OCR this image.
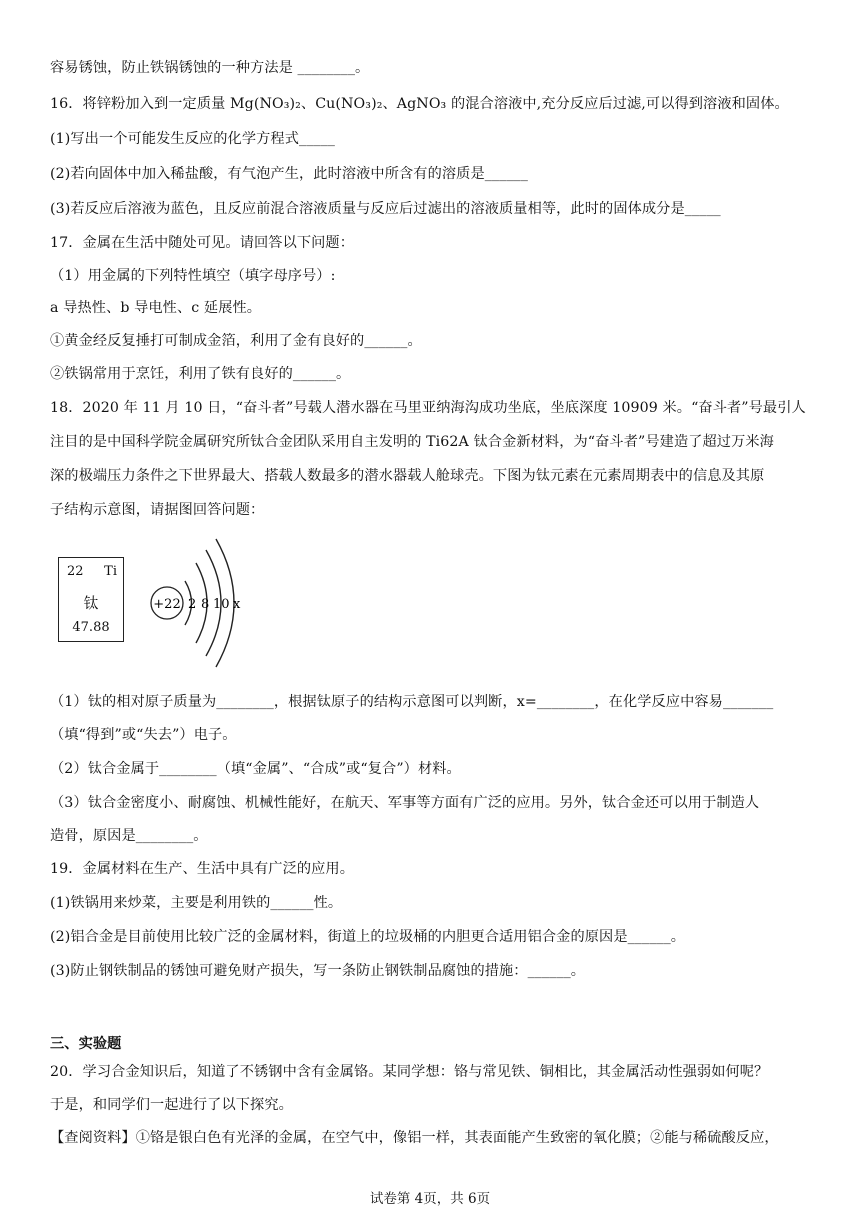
容易锈蚀，防止铁锅锈蚀的一种方法是 ________。
16．将锌粉加入到一定质量 Mg(NO₃)₂、Cu(NO₃)₂、AgNO₃ 的混合溶液中,充分反应后过滤,可以得到溶液和固体。
(1)写出一个可能发生反应的化学方程式_____
(2)若向固体中加入稀盐酸，有气泡产生，此时溶液中所含有的溶质是______
(3)若反应后溶液为蓝色，且反应前混合溶液质量与反应后过滤出的溶液质量相等，此时的固体成分是_____
17．金属在生活中随处可见。请回答以下问题：
（1）用金属的下列特性填空（填字母序号）:
a 导热性、b 导电性、c 延展性。
①黄金经反复捶打可制成金箔，利用了金有良好的______。
②铁锅常用于烹饪，利用了铁有良好的______。
18．2020 年 11 月 10 日，“奋斗者”号载人潜水器在马里亚纳海沟成功坐底，坐底深度 10909 米。“奋斗者”号最引人
注目的是中国科学院金属研究所钛合金团队采用自主发明的 Ti62A 钛合金新材料，为“奋斗者”号建造了超过万米海
深的极端压力条件之下世界最大、搭载人数最多的潜水器载人舱球壳。下图为钛元素在元素周期表中的信息及其原
子结构示意图，请据图回答问题：
22 Ti
钛
47.88
+22 2 8 10 x
（1）钛的相对原子质量为________，根据钛原子的结构示意图可以判断，x=________，在化学反应中容易_______
（填“得到”或“失去”）电子。
（2）钛合金属于________（填“金属”、“合成”或“复合”）材料。
（3）钛合金密度小、耐腐蚀、机械性能好，在航天、军事等方面有广泛的应用。另外，钛合金还可以用于制造人
造骨，原因是________。
19．金属材料在生产、生活中具有广泛的应用。
(1)铁锅用来炒菜，主要是利用铁的______性。
(2)铝合金是目前使用比较广泛的金属材料，街道上的垃圾桶的内胆更合适用铝合金的原因是______。
(3)防止钢铁制品的锈蚀可避免财产损失，写一条防止钢铁制品腐蚀的措施：______。
三、实验题
20．学习合金知识后，知道了不锈钢中含有金属铬。某同学想：铬与常见铁、铜相比，其金属活动性强弱如何呢？
于是，和同学们一起进行了以下探究。
【查阅资料】①铬是银白色有光泽的金属，在空气中，像铝一样，其表面能产生致密的氧化膜；②能与稀硫酸反应，
试卷第 4页，共 6页
